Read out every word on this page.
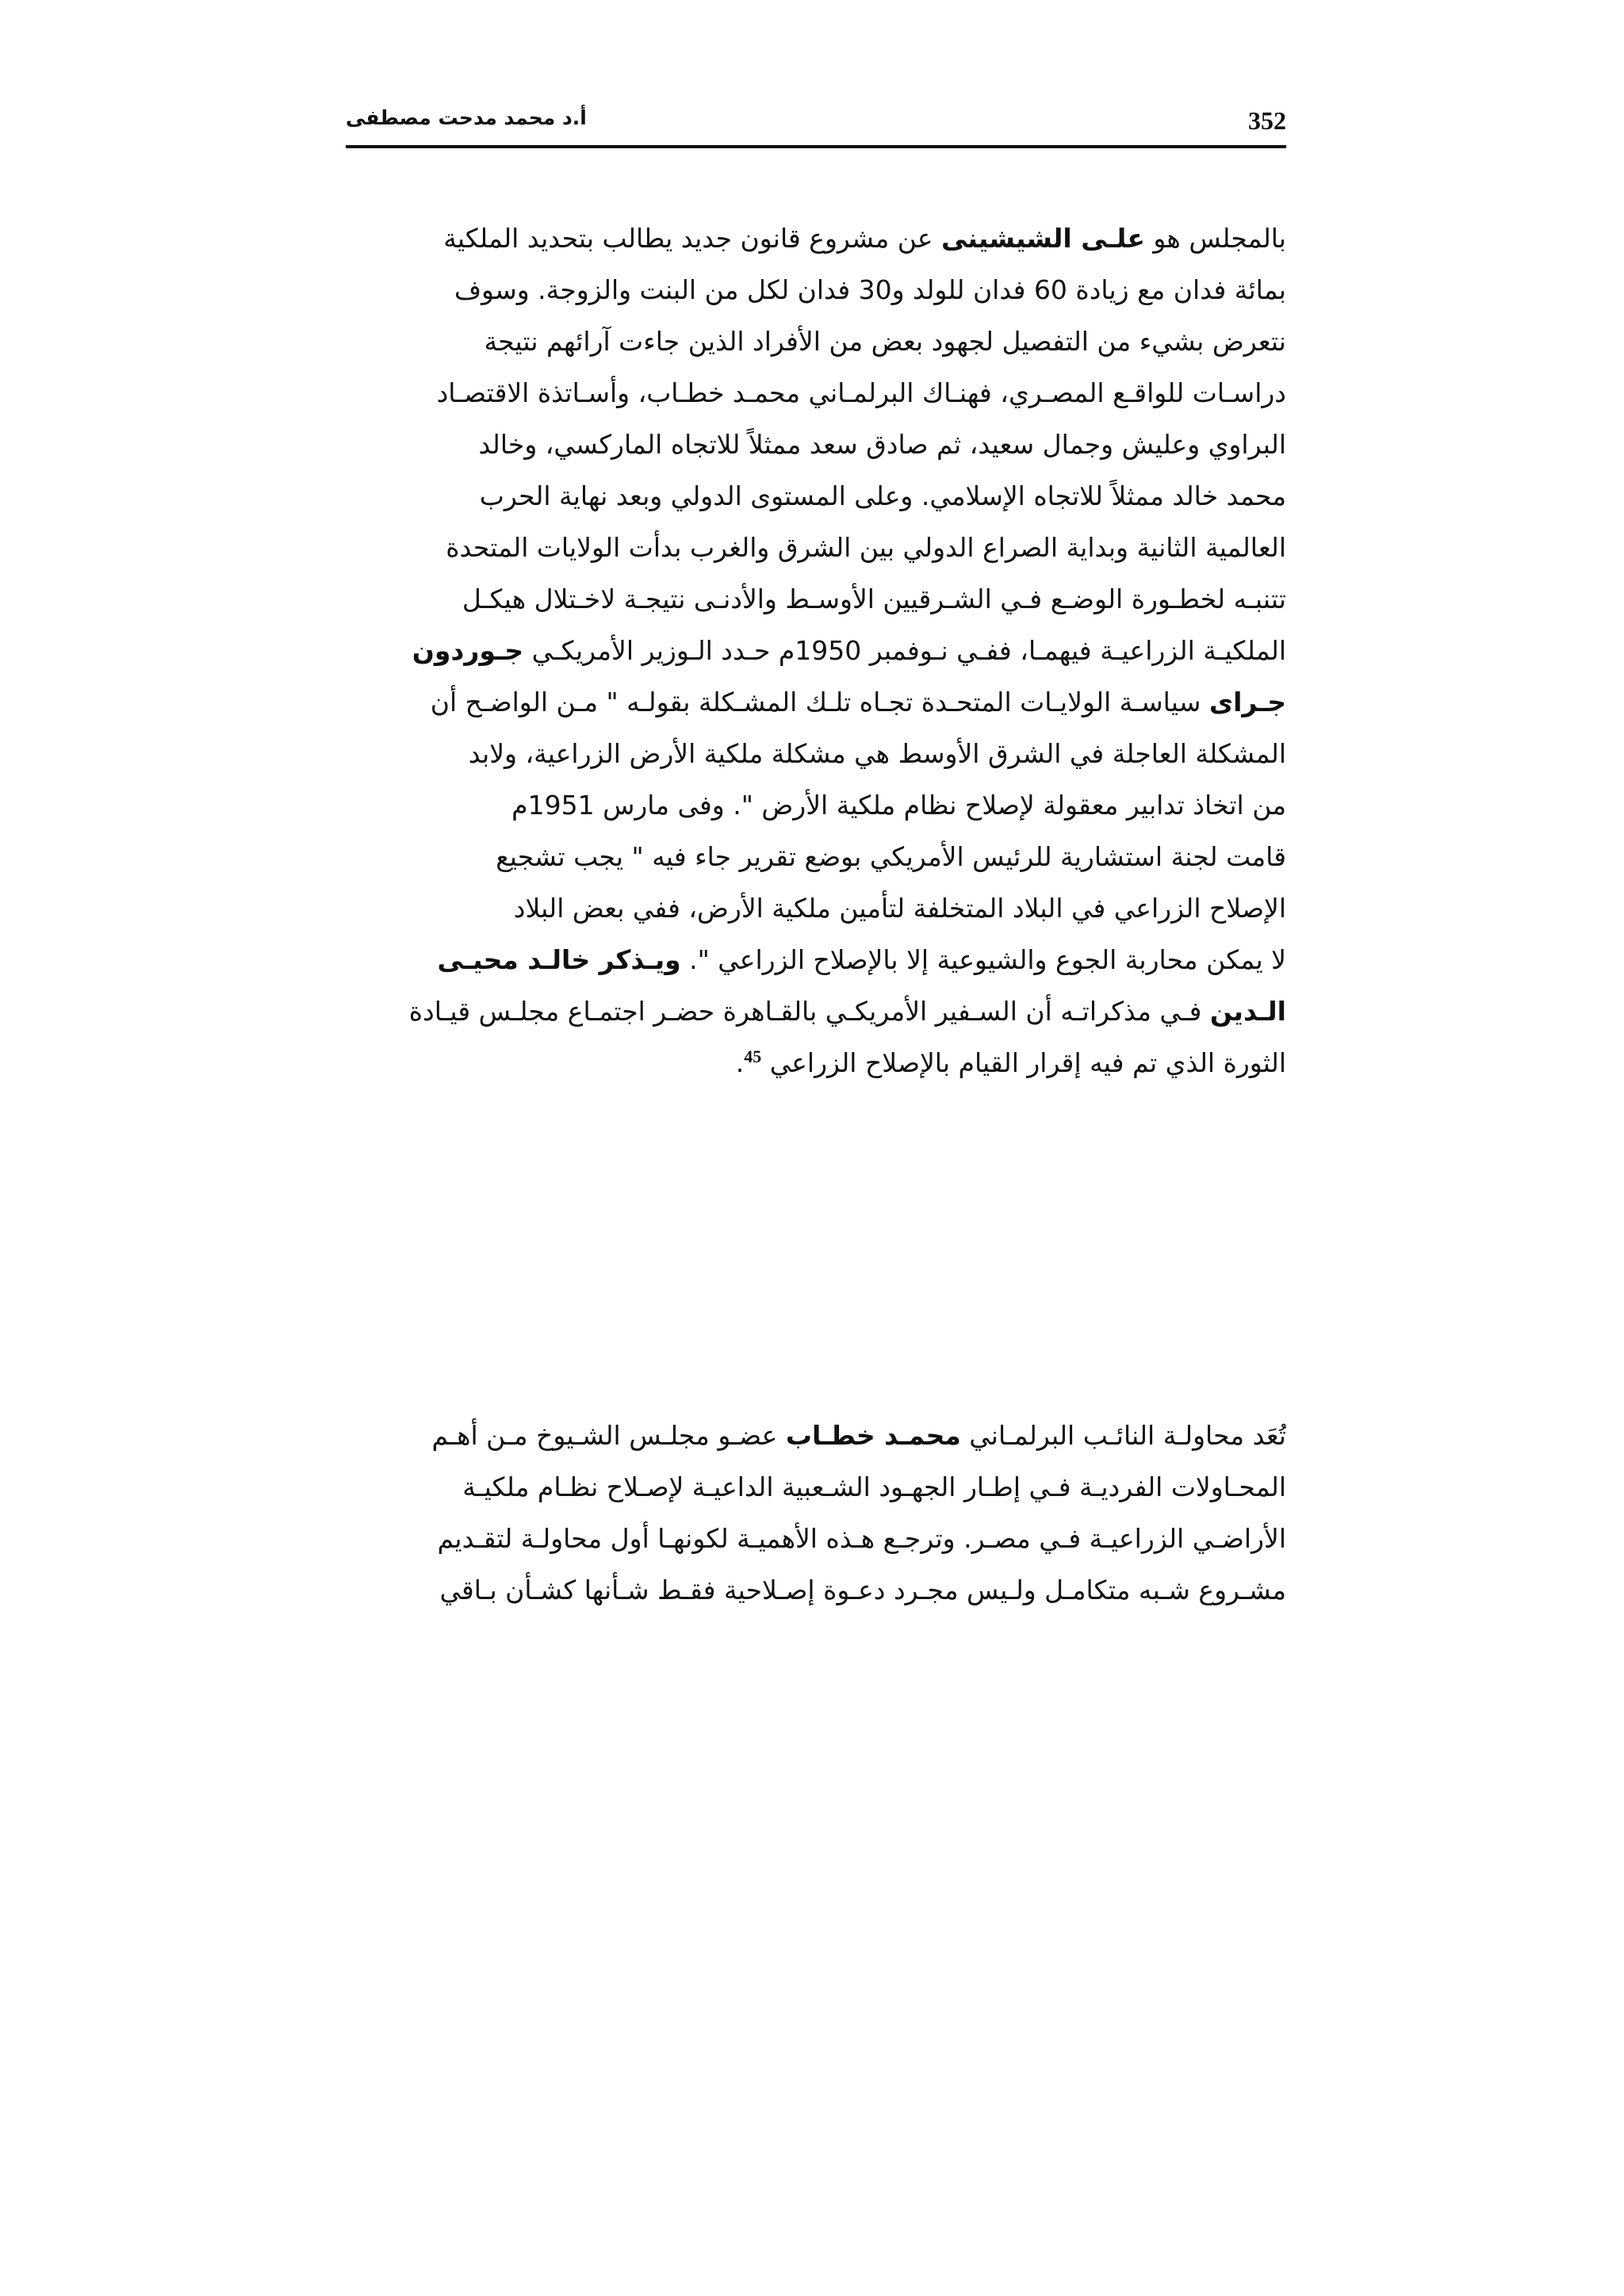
أ.د محمد مدحت مصطفى	352
بالمجلس هو علـى الشيشينى عن مشروع قانون جديد يطالب بتحديد الملكية
بمائة فدان مع زيادة 60 فدان للولد و30 فدان لكل من البنت والزوجة. وسوف
نتعرض بشيء من التفصيل لجهود بعض من الأفراد الذين جاءت آرائهم نتيجة
دراسـات للواقـع المصـري، فهنـاك البرلمـاني محمـد خطـاب، وأسـاتذة الاقتصـاد
البراوي وعليش وجمال سعيد، ثم صادق سعد ممثلاً للاتجاه الماركسي، وخالد
محمد خالد ممثلاً للاتجاه الإسلامي. وعلى المستوى الدولي وبعد نهاية الحرب
العالمية الثانية وبداية الصراع الدولي بين الشرق والغرب بدأت الولايات المتحدة
تتنبـه لخطـورة الوضـع فـي الشـرقيين الأوسـط والأدنـى نتيجـة لاخـتلال هيكـل
الملكيـة الزراعيـة فيهمـا، ففـي نـوفمبر 1950م حـدد الـوزير الأمريكـي جـوردون
جـراى سياسـة الولايـات المتحـدة تجـاه تلـك المشـكلة بقولـه " مـن الواضـح أن
المشكلة العاجلة في الشرق الأوسط هي مشكلة ملكية الأرض الزراعية، ولابد
من اتخاذ تدابير معقولة لإصلاح نظام ملكية الأرض ". وفى مارس 1951م
قامت لجنة استشارية للرئيس الأمريكي بوضع تقرير جاء فيه " يجب تشجيع
الإصلاح الزراعي في البلاد المتخلفة لتأمين ملكية الأرض، ففي بعض البلاد
لا يمكن محاربة الجوع والشيوعية إلا بالإصلاح الزراعي ". ويـذكر خالـد محيـى
الـدين فـي مذكراتـه أن السـفير الأمريكـي بالقـاهرة حضـر اجتمـاع مجلـس قيـادة
الثورة الذي تم فيه إقرار القيام بالإصلاح الزراعي $^{45}$.
تُعَد محاولـة النائـب البرلمـاني محمـد خطـاب عضـو مجلـس الشـيوخ مـن أهـم
المحـاولات الفرديـة فـي إطـار الجهـود الشـعبية الداعيـة لإصـلاح نظـام ملكيـة
الأراضـي الزراعيـة فـي مصـر. وترجـع هـذه الأهميـة لكونهـا أول محاولـة لتقـديم
مشـروع شـبه متكامـل ولـيس مجـرد دعـوة إصـلاحية فقـط شـأنها كشـأن بـاقي
